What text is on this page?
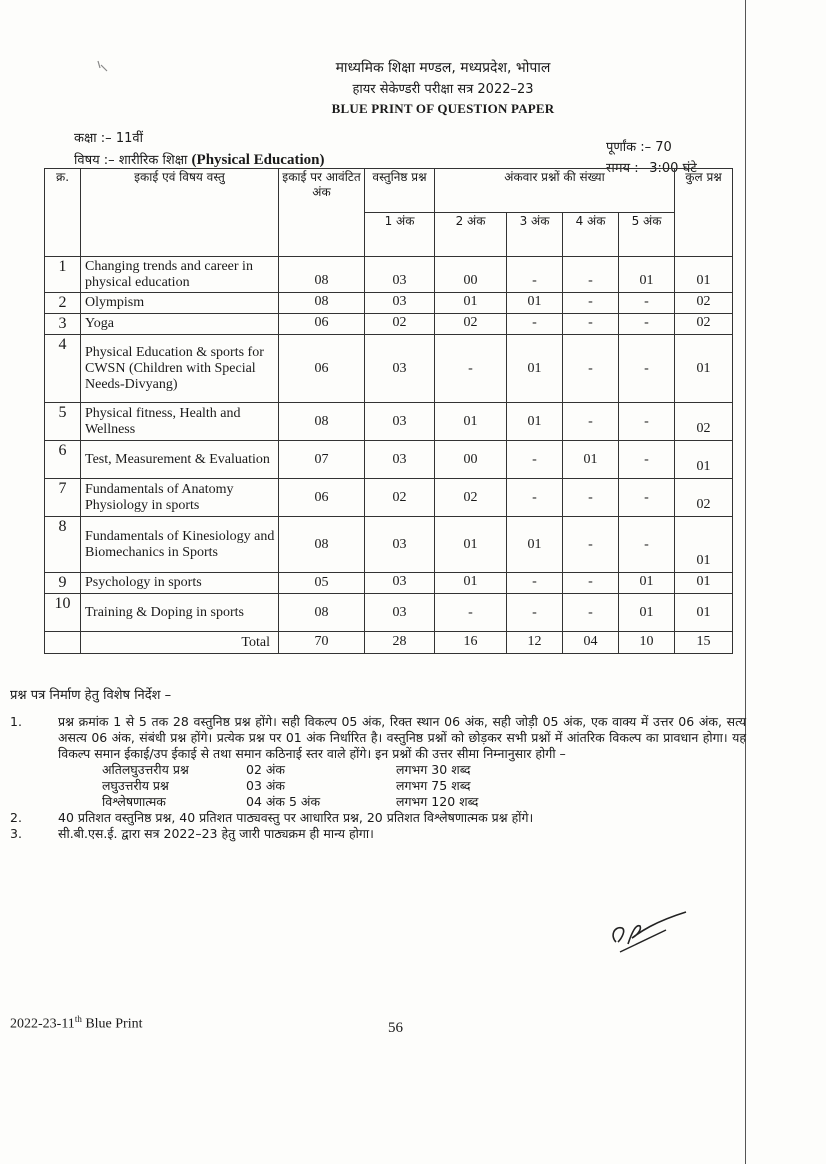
माध्यमिक शिक्षा मण्डल, मध्यप्रदेश, भोपाल
हायर सेकेण्डरी परीक्षा सत्र 2022–23
BLUE PRINT OF QUESTION PAPER
कक्षा :– 11वीं
विषय :– शारीरिक शिक्षा (Physical Education)
पूर्णांक :– 70
समय :– 3:00 घंटे
क्र.	इकाई एवं विषय वस्तु	इकाई पर आवंटित अंक	वस्तुनिष्ठ प्रश्न	अंकवार प्रश्नों की संख्या				कुल प्रश्न
			1 अंक	2 अंक	3 अंक	4 अंक	5 अंक	
1	Changing trends and career in physical education	08	03	00	-	-	01	01
2	Olympism	08	03	01	01	-	-	02
3	Yoga	06	02	02	-	-	-	02
4	Physical Education & sports for CWSN (Children with Special Needs-Divyang)	06	03	-	01	-	-	01
5	Physical fitness, Health and Wellness	08	03	01	01	-	-	02
6	Test, Measurement & Evaluation	07	03	00	-	01	-	01
7	Fundamentals of Anatomy Physiology in sports	06	02	02	-	-	-	02
8	Fundamentals of Kinesiology and Biomechanics in Sports	08	03	01	01	-	-	01
9	Psychology in sports	05	03	01	-	-	01	01
10	Training & Doping in sports	08	03	-	-	-	01	01
	Total	70	28	16	12	04	10	15
प्रश्न पत्र निर्माण हेतु विशेष निर्देश –
1.	प्रश्न क्रमांक 1 से 5 तक 28 वस्तुनिष्ठ प्रश्न होंगे। सही विकल्प 05 अंक, रिक्त स्थान 06 अंक, सही जोड़ी 05 अंक, एक वाक्य में उत्तर 06 अंक, सत्य असत्य 06 अंक, संबंधी प्रश्न होंगे। प्रत्येक प्रश्न पर 01 अंक निर्धारित है। वस्तुनिष्ठ प्रश्नों को छोड़कर सभी प्रश्नों में आंतरिक विकल्प का प्रावधान होगा। यह विकल्प समान ईकाई/उप ईकाई से तथा समान कठिनाई स्तर वाले होंगे। इन प्रश्नों की उत्तर सीमा निम्नानुसार होगी –
अतिलघुउत्तरीय प्रश्न	02 अंक	लगभग 30 शब्द
लघुउत्तरीय प्रश्न	03 अंक	लगभग 75 शब्द
विश्लेषणात्मक	04 अंक 5 अंक	लगभग 120 शब्द
2.	40 प्रतिशत वस्तुनिष्ठ प्रश्न, 40 प्रतिशत पाठ्यवस्तु पर आधारित प्रश्न, 20 प्रतिशत विश्लेषणात्मक प्रश्न होंगे।
3.	सी.बी.एस.ई. द्वारा सत्र 2022–23 हेतु जारी पाठ्यक्रम ही मान्य होगा।
2022-23-11th Blue Print	56
